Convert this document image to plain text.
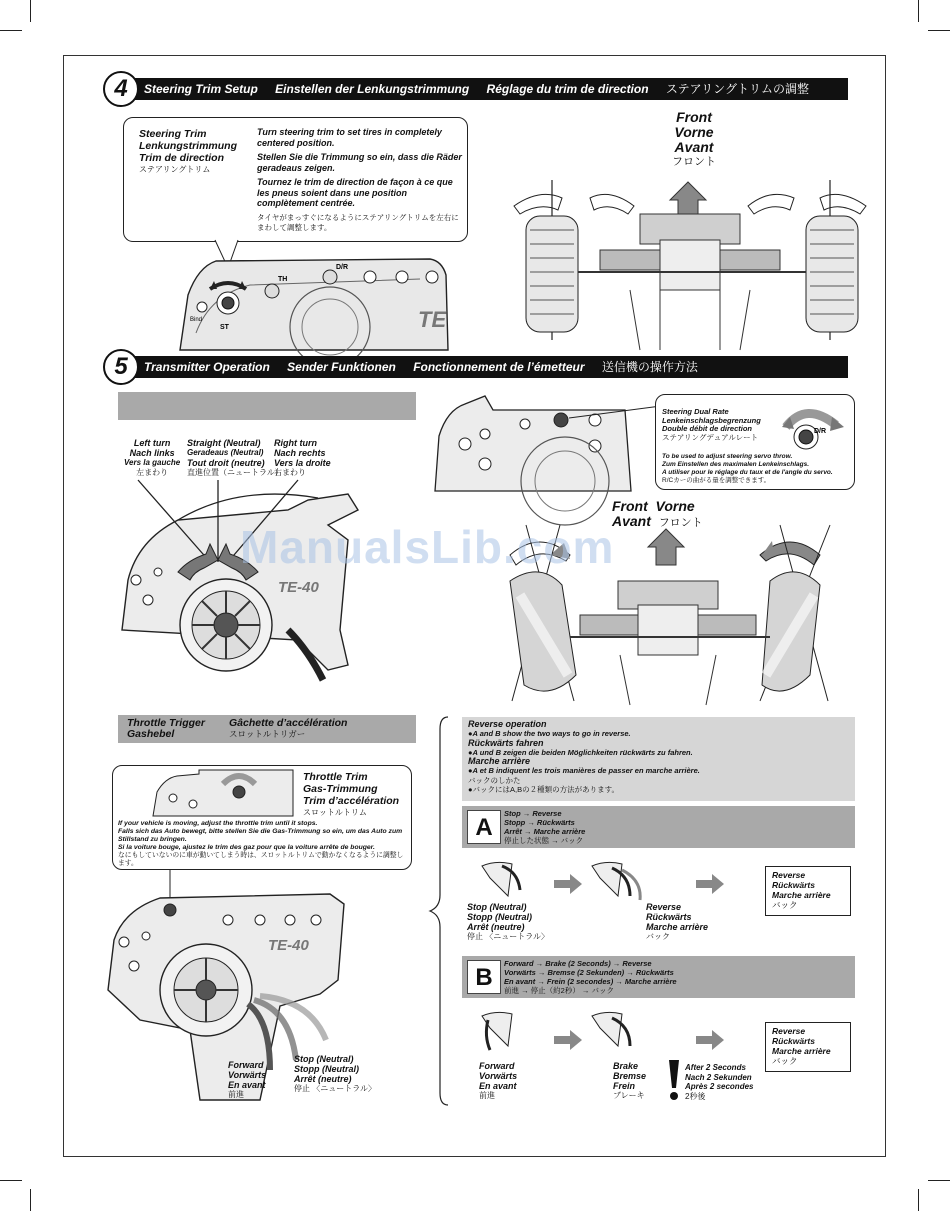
Steering Trim Setup Einstellen der Lenkungstrimmung Réglage du trim de direction ステアリングトリムの調整
4
Steering Trim
Lenkungstrimmung
Trim de direction
ステアリングトリム
Turn steering trim to set tires in completely centered position.
Stellen Sie die Trimmung so ein, dass die Räder geradeaus zeigen.
Tournez le trim de direction de façon à ce que les pneus soient dans une position complètement centrée.
タイヤがまっすぐになるようにステアリングトリムを左右にまわして調整します。
ST
TH
D/R
Bind	TE
Front
Vorne
Avant
フロント
Transmitter Operation Sender Funktionen Fonctionnement de l’émetteur 送信機の操作方法
5
Left turn
Nach links
Vers la gauche
左まわり
Straight (Neutral)
Geradeaus (Neutral)
Tout droit (neutre)
直進位置（ニュートラル）
Right turn
Nach rechts
Vers la droite
右まわり
TE-40
Steering Dual Rate
Lenkeinschlagsbegrenzung
Double débit de direction
ステアリングデュアルレート
D/R
To be used to adjust steering servo throw.
Zum Einstellen des maximalen Lenkeinschlags.
A utiliser pour le réglage du taux et de l'angle du servo.
R/Cカーの曲がる量を調整できます。
Front Vorne
Avant フロント
ManualsLib.com
Throttle Trigger
Gashebel
Gâchette d’accélération
スロットルトリガー
Throttle Trim
Gas-Trimmung
Trim d’accélération
スロットルトリム
If your vehicle is moving, adjust the throttle trim until it stops.
Falls sich das Auto bewegt, bitte stellen Sie die Gas-Trimmung so ein, um das Auto zum Stillstand zu bringen.
Si la voiture bouge, ajustez le trim des gaz pour que la voiture arrête de bouger.
なにもしていないのに車が動いてしまう時は、スロットルトリムで動かなくなるように調整します。
TE-40
Forward
Vorwärts
En avant
前進
Stop (Neutral)
Stopp (Neutral)
Arrêt (neutre)
停止 〈ニュートラル〉
Reverse operation
●A and B show the two ways to go in reverse.
Rückwärts fahren
●A und B zeigen die beiden Möglichkeiten rückwärts zu fahren.
Marche arrière
●A et B indiquent les trois manières de passer en marche arrière.
バックのしかた
●バックにはA,Bの２種類の方法があります。
A
Stop → Reverse
Stopp → Rückwärts
Arrêt → Marche arrière
停止した状態 → バック
Stop (Neutral)
Stopp (Neutral)
Arrêt (neutre)
停止 〈ニュートラル〉
Reverse
Rückwärts
Marche arrière
バック
Reverse
Rückwärts
Marche arrière
バック
B
Forward → Brake (2 Seconds) → Reverse
Vorwärts → Bremse (2 Sekunden) → Rückwärts
En avant → Frein (2 secondes) → Marche arrière
前進 → 停止（約2秒） → バック
Forward
Vorwärts
En avant
前進
Brake
Bremse
Frein
ブレーキ
After 2 Seconds
Nach 2 Sekunden
Après 2 secondes
2秒後
Reverse
Rückwärts
Marche arrière
バック
